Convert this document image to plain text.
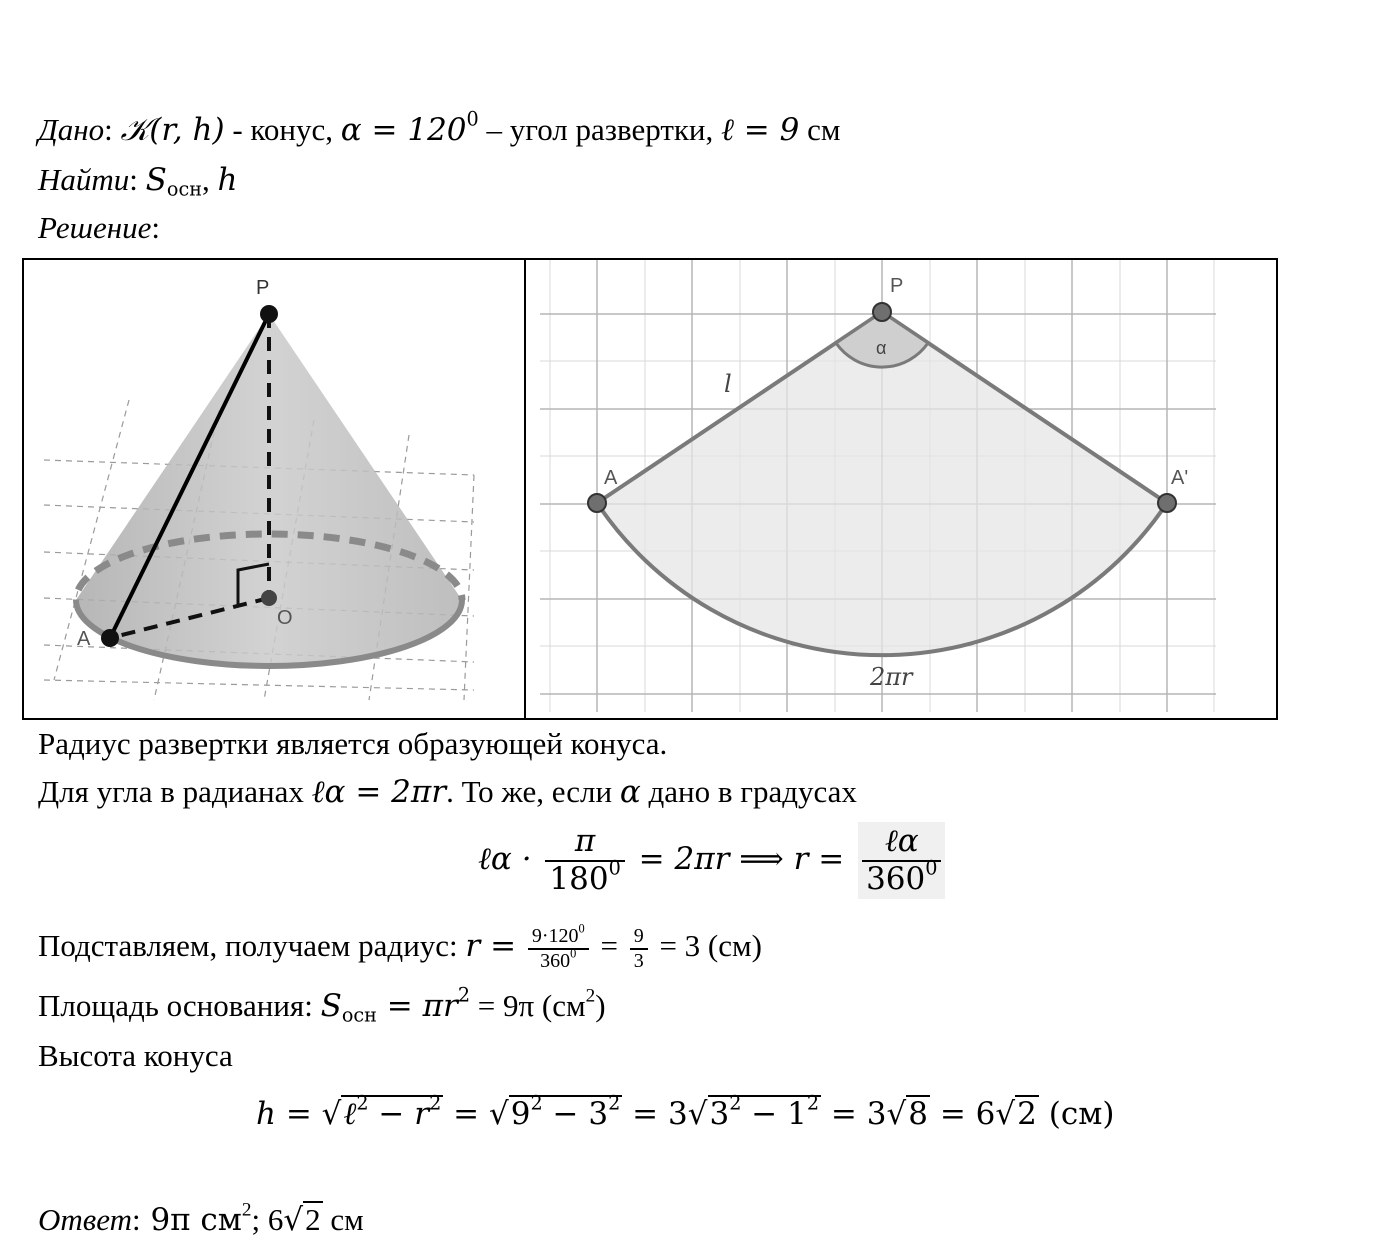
Дано: 𝒦(r, h) - конус, $\alpha = 120^0$ – угол развертки, ℓ = 9 см
Найти: $S_{осн}$, h
Решение:
P
O
A
P
A	A'
α
l
2πr
Радиус развертки является образующей конуса.
Для угла в радианах ℓα = 2πr. То же, если α дано в градусах
ℓα · $\frac{\pi}{180^0} = 2\pi r$ ⟹ $r = \frac{\text{ℓα}}{360^0}$
Подставляем, получаем радиус: $r = \frac{9\cdot 120^0}{360^0} = \frac{9}{3} = 3$ (см)
Площадь основания: $S_{осн} = \pi r^2 = 9\pi$ $(см^2)$
Высота конуса
h = √ℓ$^2$ − $r^2 = √9^2 - 3^2 = 3√3^2 - 1^2 = 3√8 = 6√2$ (см)
Ответ: 9π $см^2$; 6√2 см
